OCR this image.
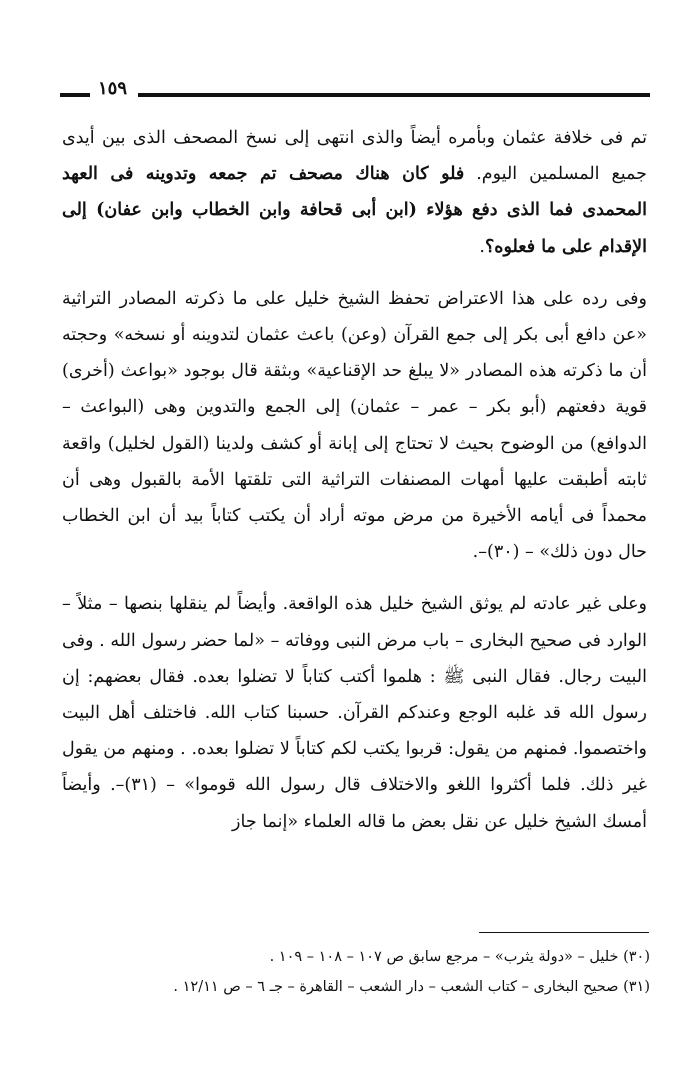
١٥٩

تم فى خلافة عثمان وبأمره أيضاً والذى انتهى إلى نسخ المصحف الذى بين أيدى جميع المسلمين اليوم. فلو كان هناك مصحف تم جمعه وتدوينه فى العهد المحمدى فما الذى دفع هؤلاء (ابن أبى قحافة وابن الخطاب وابن عفان) إلى الإقدام على ما فعلوه؟.

وفى رده على هذا الاعتراض تحفظ الشيخ خليل على ما ذكرته المصادر التراثية «عن دافع أبى بكر إلى جمع القرآن (وعن) باعث عثمان لتدوينه أو نسخه» وحجته أن ما ذكرته هذه المصادر «لا يبلغ حد الإقناعية» وبثقة قال بوجود «بواعث (أخرى) قوية دفعتهم (أبو بكر – عمر – عثمان) إلى الجمع والتدوين وهى (البواعث – الدوافع) من الوضوح بحيث لا تحتاج إلى إبانة أو كشف ولدينا (القول لخليل) واقعة ثابته أطبقت عليها أمهات المصنفات التراثية التى تلقتها الأمة بالقبول وهى أن محمداً فى أيامه الأخيرة من مرض موته أراد أن يكتب كتاباً بيد أن ابن الخطاب حال دون ذلك» – (٣٠)–.

وعلى غير عادته لم يوثق الشيخ خليل هذه الواقعة. وأيضاً لم ينقلها بنصها – مثلاً – الوارد فى صحيح البخارى – باب مرض النبى ووفاته – «لما حضر رسول الله . وفى البيت رجال. فقال النبى ﷺ : هلموا أكتب كتاباً لا تضلوا بعده. فقال بعضهم: إن رسول الله قد غلبه الوجع وعندكم القرآن. حسبنا كتاب الله. فاختلف أهل البيت واختصموا. فمنهم من يقول: قربوا يكتب لكم كتاباً لا تضلوا بعده. . ومنهم من يقول غير ذلك. فلما أكثروا اللغو والاختلاف قال رسول الله قوموا» – (٣١)–. وأيضاً أمسك الشيخ خليل عن نقل بعض ما قاله العلماء «إنما جاز

(٣٠) خليل – «دولة يثرب» – مرجع سابق ص ١٠٧ – ١٠٨ – ١٠٩ .
(٣١) صحيح البخارى – كتاب الشعب – دار الشعب – القاهرة – جـ ٦ – ص ١٢/١١ .
